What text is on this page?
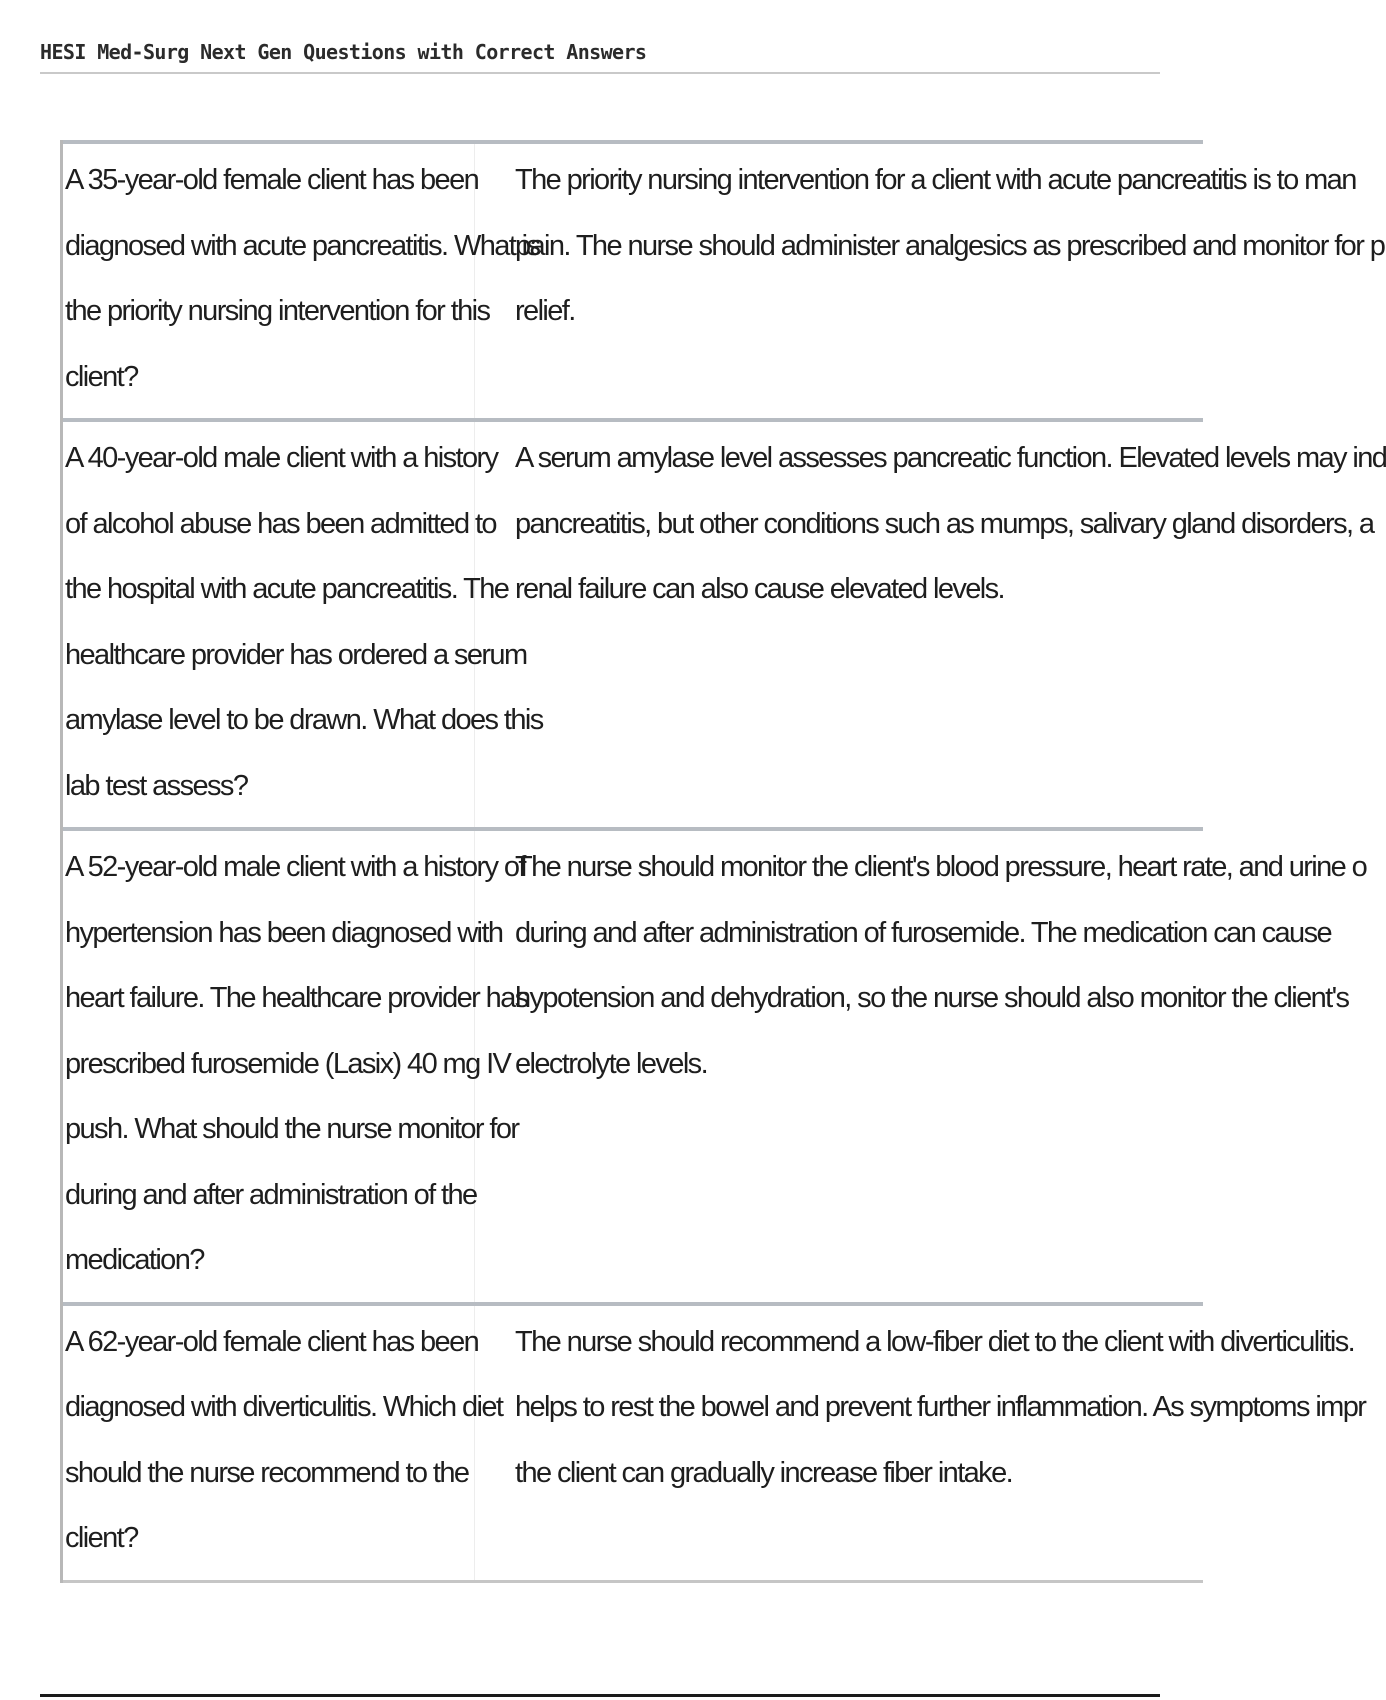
HESI Med-Surg Next Gen Questions with Correct Answers
A 35-year-old female client has been
diagnosed with acute pancreatitis. What is
the priority nursing intervention for this
client?
The priority nursing intervention for a client with acute pancreatitis is to man
pain. The nurse should administer analgesics as prescribed and monitor for p
relief.
A 40-year-old male client with a history
of alcohol abuse has been admitted to
the hospital with acute pancreatitis. The
healthcare provider has ordered a serum
amylase level to be drawn. What does this
lab test assess?
A serum amylase level assesses pancreatic function. Elevated levels may ind
pancreatitis, but other conditions such as mumps, salivary gland disorders, a
renal failure can also cause elevated levels.
A 52-year-old male client with a history of
hypertension has been diagnosed with
heart failure. The healthcare provider has
prescribed furosemide (Lasix) 40 mg IV
push. What should the nurse monitor for
during and after administration of the
medication?
The nurse should monitor the client's blood pressure, heart rate, and urine o
during and after administration of furosemide. The medication can cause
hypotension and dehydration, so the nurse should also monitor the client's
electrolyte levels.
A 62-year-old female client has been
diagnosed with diverticulitis. Which diet
should the nurse recommend to the
client?
The nurse should recommend a low-fiber diet to the client with diverticulitis.
helps to rest the bowel and prevent further inflammation. As symptoms impr
the client can gradually increase fiber intake.
